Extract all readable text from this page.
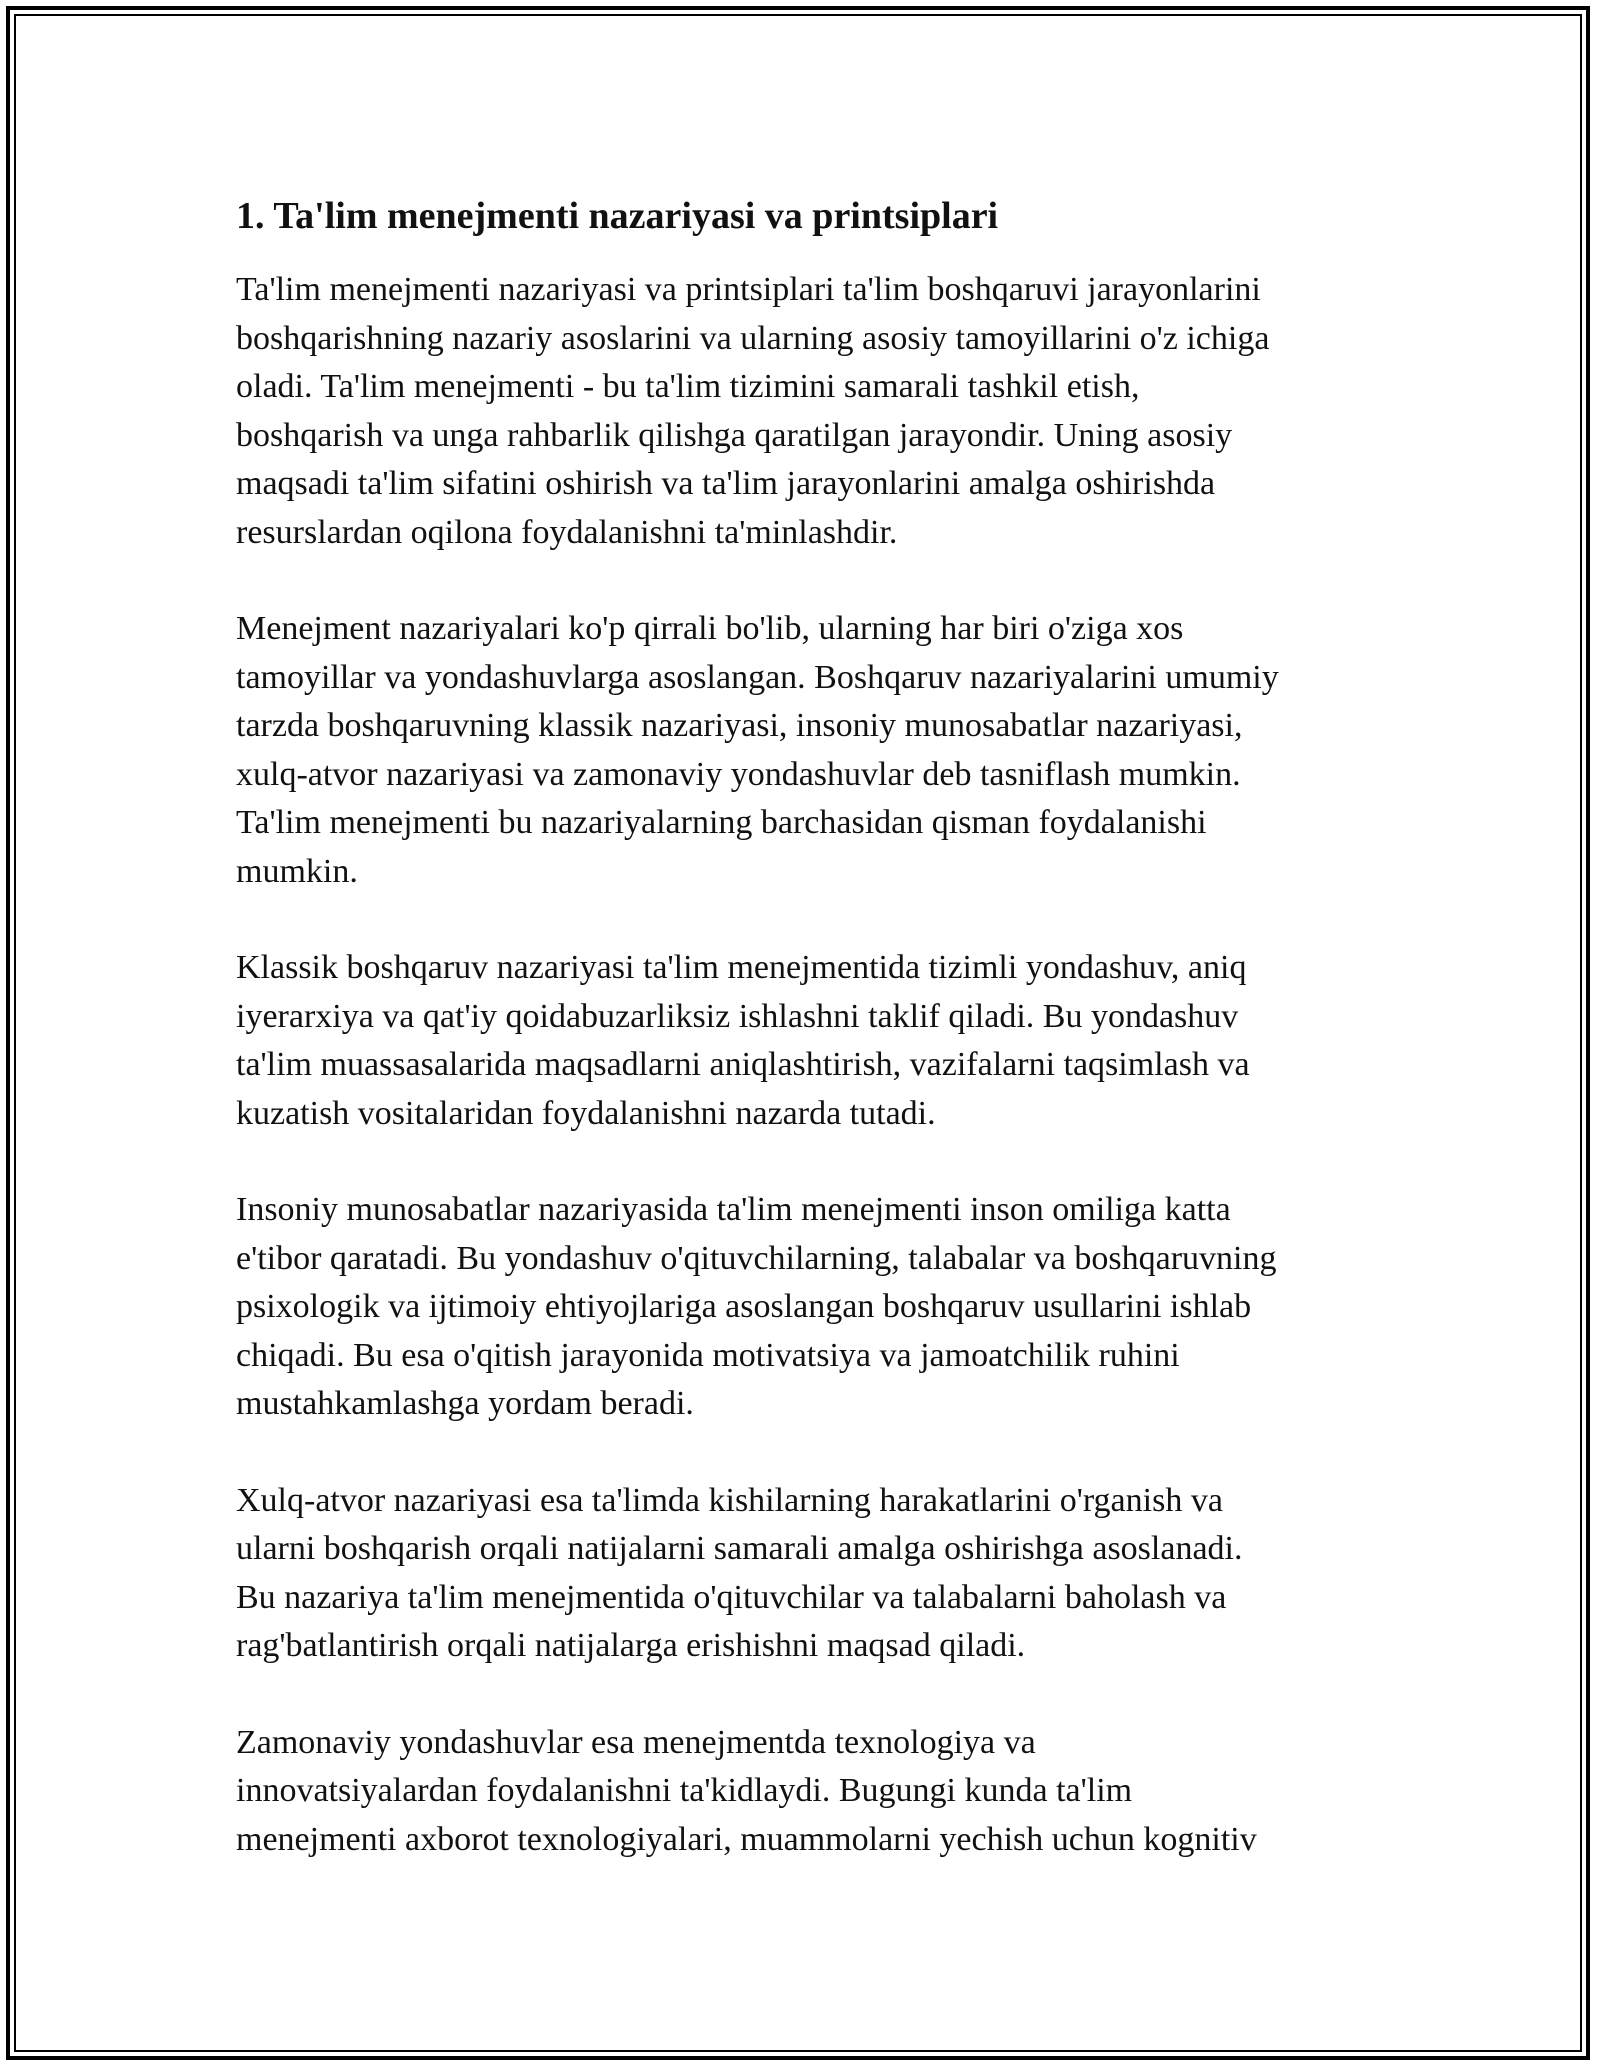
1. Ta'lim menejmenti nazariyasi va printsiplari

Ta'lim menejmenti nazariyasi va printsiplari ta'lim boshqaruvi jarayonlarini
boshqarishning nazariy asoslarini va ularning asosiy tamoyillarini o'z ichiga
oladi. Ta'lim menejmenti - bu ta'lim tizimini samarali tashkil etish,
boshqarish va unga rahbarlik qilishga qaratilgan jarayondir. Uning asosiy
maqsadi ta'lim sifatini oshirish va ta'lim jarayonlarini amalga oshirishda
resurslardan oqilona foydalanishni ta'minlashdir.

Menejment nazariyalari ko'p qirrali bo'lib, ularning har biri o'ziga xos
tamoyillar va yondashuvlarga asoslangan. Boshqaruv nazariyalarini umumiy
tarzda boshqaruvning klassik nazariyasi, insoniy munosabatlar nazariyasi,
xulq-atvor nazariyasi va zamonaviy yondashuvlar deb tasniflash mumkin.
Ta'lim menejmenti bu nazariyalarning barchasidan qisman foydalanishi
mumkin.

Klassik boshqaruv nazariyasi ta'lim menejmentida tizimli yondashuv, aniq
iyerarxiya va qat'iy qoidabuzarliksiz ishlashni taklif qiladi. Bu yondashuv
ta'lim muassasalarida maqsadlarni aniqlashtirish, vazifalarni taqsimlash va
kuzatish vositalaridan foydalanishni nazarda tutadi.

Insoniy munosabatlar nazariyasida ta'lim menejmenti inson omiliga katta
e'tibor qaratadi. Bu yondashuv o'qituvchilarning, talabalar va boshqaruvning
psixologik va ijtimoiy ehtiyojlariga asoslangan boshqaruv usullarini ishlab
chiqadi. Bu esa o'qitish jarayonida motivatsiya va jamoatchilik ruhini
mustahkamlashga yordam beradi.

Xulq-atvor nazariyasi esa ta'limda kishilarning harakatlarini o'rganish va
ularni boshqarish orqali natijalarni samarali amalga oshirishga asoslanadi.
Bu nazariya ta'lim menejmentida o'qituvchilar va talabalarni baholash va
rag'batlantirish orqali natijalarga erishishni maqsad qiladi.

Zamonaviy yondashuvlar esa menejmentda texnologiya va
innovatsiyalardan foydalanishni ta'kidlaydi. Bugungi kunda ta'lim
menejmenti axborot texnologiyalari, muammolarni yechish uchun kognitiv
